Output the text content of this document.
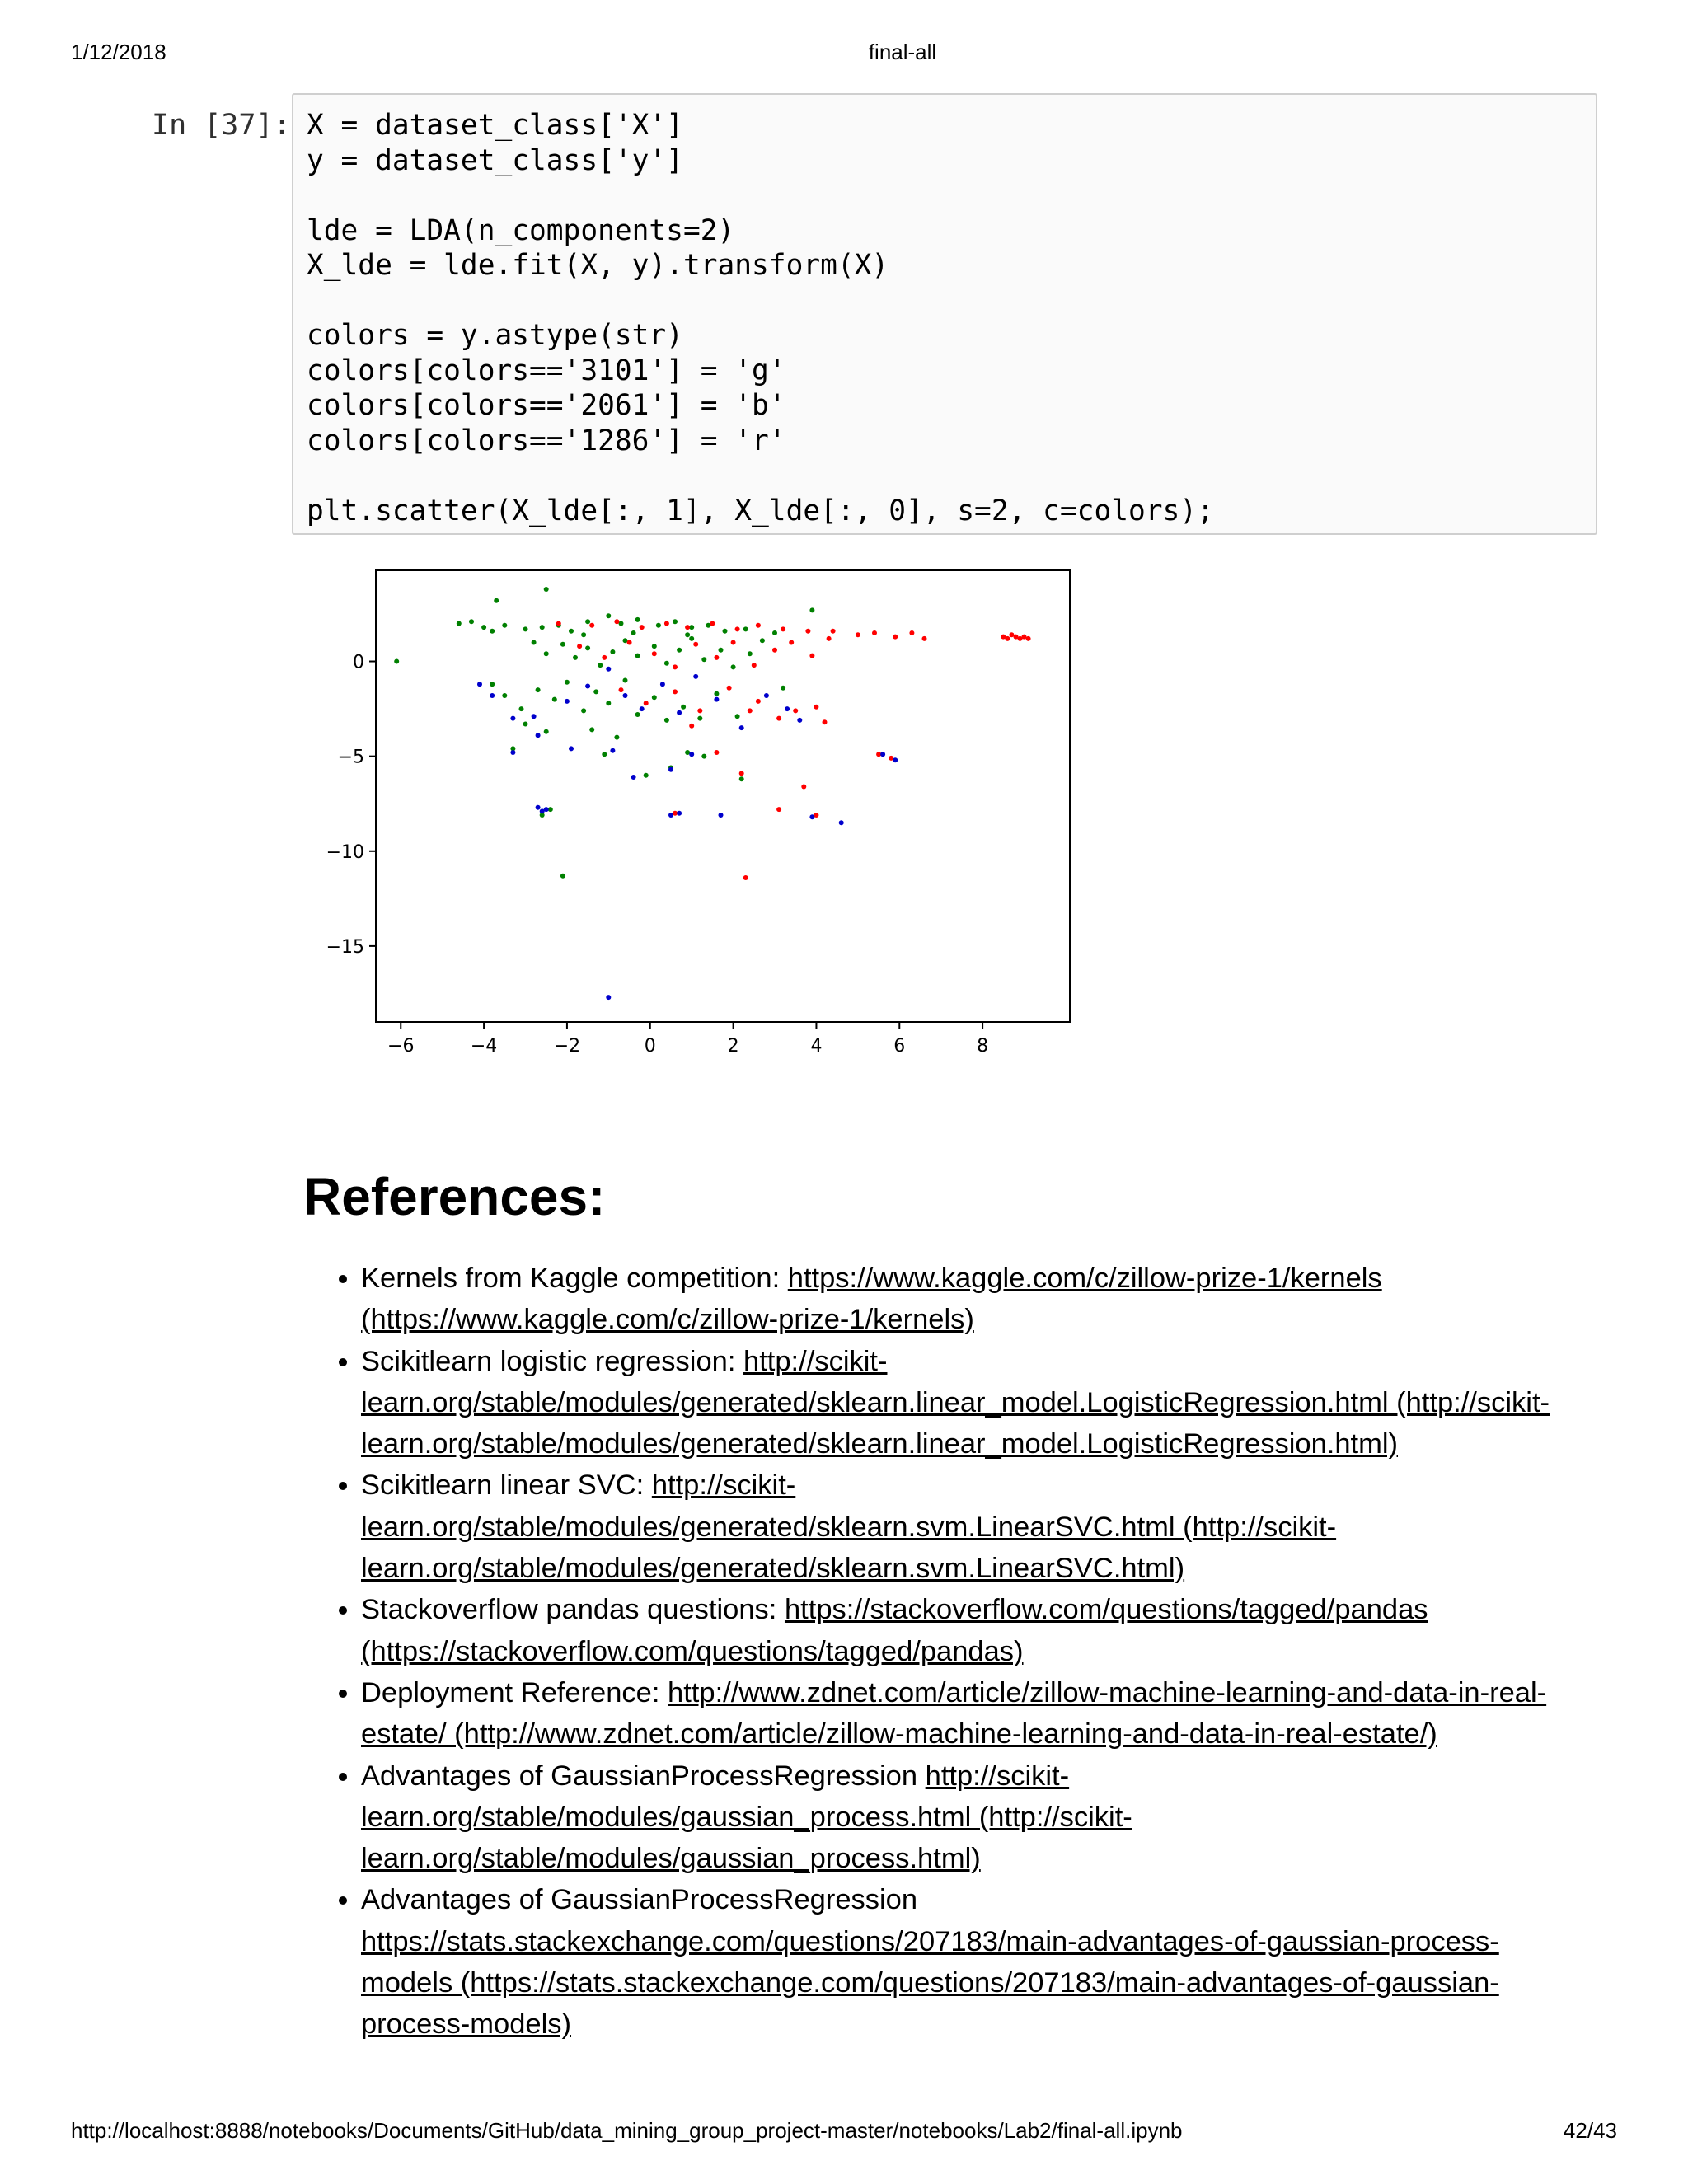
1/12/2018	final-all
In [37]: X = dataset_class['X']
y = dataset_class['y']

lde = LDA(n_components=2)
X_lde = lde.fit(X, y).transform(X)

colors = y.astype(str)
colors[colors=='3101'] = 'g'
colors[colors=='2061'] = 'b'
colors[colors=='1286'] = 'r'

plt.scatter(X_lde[:, 1], X_lde[:, 0], s=2, c=colors);
−6	−4	−2	0	2	4	6	8
0
−5
−10
−15
References:
• Kernels from Kaggle competition: https://www.kaggle.com/c/zillow-prize-1/kernels (https://www.kaggle.com/c/zillow-prize-1/kernels)
• Scikitlearn logistic regression: http://scikit-learn.org/stable/modules/generated/sklearn.linear_model.LogisticRegression.html (http://scikit-learn.org/stable/modules/generated/sklearn.linear_model.LogisticRegression.html)
• Scikitlearn linear SVC: http://scikit-learn.org/stable/modules/generated/sklearn.svm.LinearSVC.html (http://scikit-learn.org/stable/modules/generated/sklearn.svm.LinearSVC.html)
• Stackoverflow pandas questions: https://stackoverflow.com/questions/tagged/pandas (https://stackoverflow.com/questions/tagged/pandas)
• Deployment Reference: http://www.zdnet.com/article/zillow-machine-learning-and-data-in-real-estate/ (http://www.zdnet.com/article/zillow-machine-learning-and-data-in-real-estate/)
• Advantages of GaussianProcessRegression http://scikit-learn.org/stable/modules/gaussian_process.html (http://scikit-learn.org/stable/modules/gaussian_process.html)
• Advantages of GaussianProcessRegression https://stats.stackexchange.com/questions/207183/main-advantages-of-gaussian-process-models (https://stats.stackexchange.com/questions/207183/main-advantages-of-gaussian-process-models)
http://localhost:8888/notebooks/Documents/GitHub/data_mining_group_project-master/notebooks/Lab2/final-all.ipynb	42/43
